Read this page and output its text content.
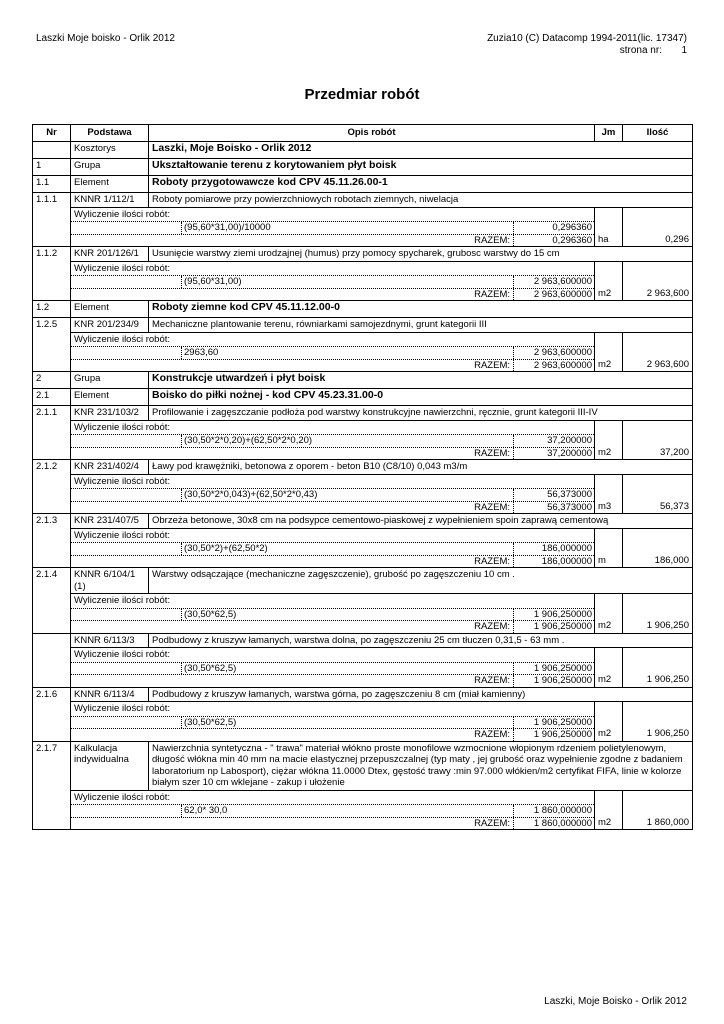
Laszki Moje boisko - Orlik 2012	Zuzia10 (C) Datacomp 1994-2011(lic. 17347)
strona nr: 1
Przedmiar robót
Nr	Podstawa	Opis robót	Jm	Ilość
	Kosztorys	Laszki, Moje Boisko - Orlik 2012		
1	Grupa	Ukształtowanie terenu z korytowaniem płyt boisk		
1.1	Element	Roboty przygotowawcze kod CPV 45.11.26.00-1		
1.1.1	KNNR 1/112/1	Roboty pomiarowe przy powierzchniowych robotach ziemnych, niwelacja		

	Wyliczenie ilości robót:
(95,60*31,00)/10000 0,296360
RAZEM: 0,296360		ha	0,296
1.1.2	KNR 201/126/1	Usunięcie warstwy ziemi urodzajnej (humus) przy pomocy spycharek, grubosc warstwy do 15 cm		

	Wyliczenie ilości robót:
(95,60*31,00) 2 963,600000
RAZEM: 2 963,600000		m2	2 963,600
1.2	Element	Roboty ziemne kod CPV 45.11.12.00-0		
1.2.5	KNR 201/234/9	Mechaniczne plantowanie terenu, równiarkami samojezdnymi, grunt kategorii III		

	Wyliczenie ilości robót:
2963,60 2 963,600000
RAZEM: 2 963,600000		m2	2 963,600
2	Grupa	Konstrukcje utwardzeń i płyt boisk		
2.1	Element	Boisko do piłki nożnej - kod CPV 45.23.31.00-0		
2.1.1	KNR 231/103/2	Profilowanie i zagęszczanie podłoża pod warstwy konstrukcyjne nawierzchni, ręcznie, grunt kategorii III-IV		

	Wyliczenie ilości robót:
(30,50*2*0,20)+(62,50*2*0,20) 37,200000
RAZEM: 37,200000		m2	37,200
2.1.2	KNR 231/402/4	Ławy pod krawężniki, betonowa z oporem - beton B10 (C8/10) 0,043 m3/m		

	Wyliczenie ilości robót:
(30,50*2*0,043)+(62,50*2*0,43) 56,373000
RAZEM: 56,373000		m3	56,373
2.1.3	KNR 231/407/5	Obrzeża betonowe, 30x8 cm na podsypce cementowo-piaskowej z wypełnieniem spoin zaprawą cementową		

	Wyliczenie ilości robót:
(30,50*2)+(62,50*2) 186,000000
RAZEM: 186,000000		m	186,000
2.1.4	KNNR 6/104/1 (1)	Warstwy odsączające (mechaniczne zagęszczenie), grubość po zagęszczeniu 10 cm .		

	Wyliczenie ilości robót:
(30,50*62,5) 1 906,250000
RAZEM: 1 906,250000		m2	1 906,250
	KNNR 6/113/3	Podbudowy z kruszyw łamanych, warstwa dolna, po zagęszczeniu 25 cm tłuczen 0,31,5 - 63 mm .		

	Wyliczenie ilości robót:
(30,50*62,5) 1 906,250000
RAZEM: 1 906,250000		m2	1 906,250
2.1.6	KNNR 6/113/4	Podbudowy z kruszyw łamanych, warstwa górna, po zagęszczeniu 8 cm (miał kamienny)		

	Wyliczenie ilości robót:
(30,50*62,5) 1 906,250000
RAZEM: 1 906,250000		m2	1 906,250
2.1.7	Kalkulacja indywidualna	Nawierzchnia syntetyczna - " trawa" materiał włókno proste monofilowe wzmocnione włopionym rdzeniem polietylenowym, długość włókna min 40 mm na macie elastycznej przepuszczalnej (typ maty , jej grubość oraz wypełnienie zgodne z badaniem laboratorium np Labosport), ciężar włókna 11.0000 Dtex, gęstość trawy :min 97.000 włókien/m2 certyfikat FIFA, linie w kolorze białym szer 10 cm wklejane - zakup i ułożenie		

	Wyliczenie ilości robót:
62,0* 30,0 1 860,000000
RAZEM: 1 860,000000		m2	1 860,000
Laszki, Moje Boisko - Orlik 2012
